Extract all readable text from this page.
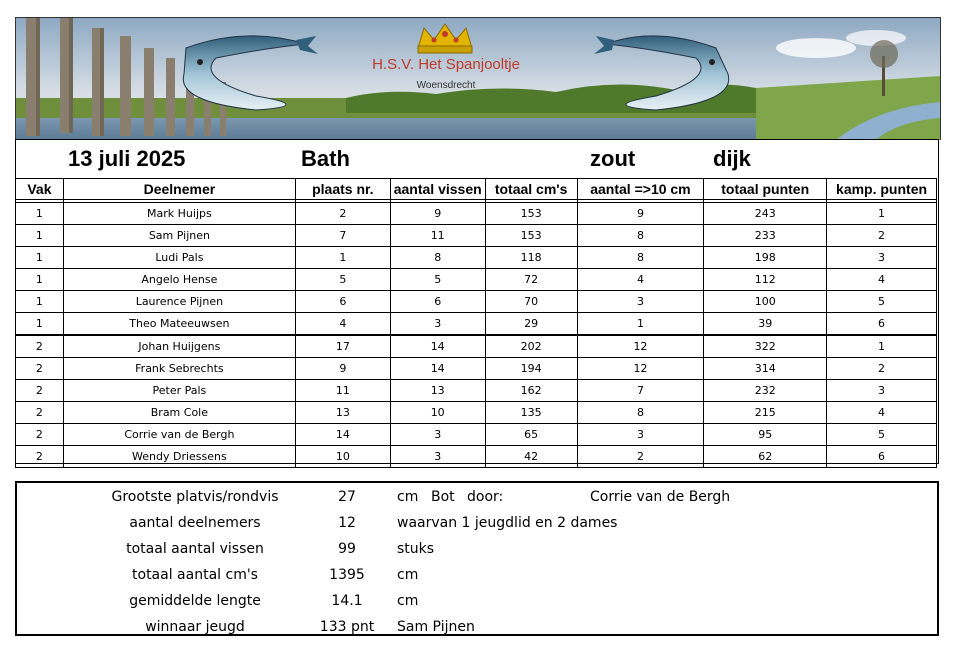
H.S.V. Het Spanjooltje
Woensdrecht
13 juli 2025	Bath	zout	dijk
Vak	Deelnemer	plaats nr.	aantal vissen	totaal cm's	aantal =>10 cm	totaal punten	kamp. punten

1	Mark Huijps	2	9	153	9	243	1
1	Sam Pijnen	7	11	153	8	233	2
1	Ludi Pals	1	8	118	8	198	3
1	Angelo Hense	5	5	72	4	112	4
1	Laurence Pijnen	6	6	70	3	100	5
1	Theo Mateeuwsen	4	3	29	1	39	6
2	Johan Huijgens	17	14	202	12	322	1
2	Frank Sebrechts	9	14	194	12	314	2
2	Peter Pals	11	13	162	7	232	3
2	Bram Cole	13	10	135	8	215	4
2	Corrie van de Bergh	14	3	65	3	95	5
2	Wendy Driessens	10	3	42	2	62	6
Grootste platvis/rondvis	27	cm Bot door:	Corrie van de Bergh
aantal deelnemers	12	waarvan 1 jeugdlid en 2 dames
totaal aantal vissen	99	stuks
totaal aantal cm's	1395	cm
gemiddelde lengte	14.1	cm
winnaar jeugd	133 pnt	Sam Pijnen
